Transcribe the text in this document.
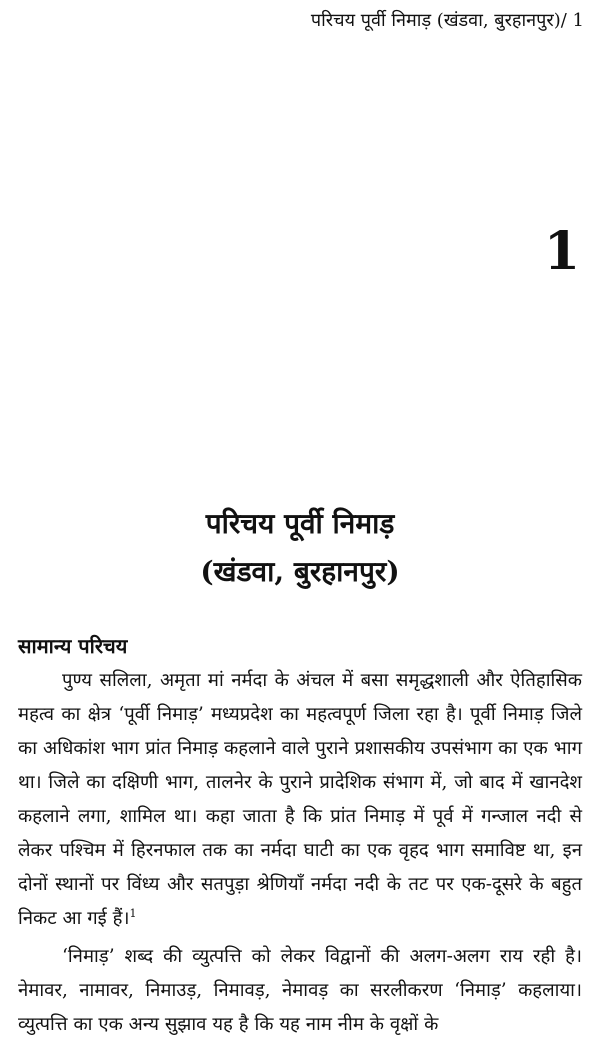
परिचय पूर्वी निमाड़ (खंडवा, बुरहानपुर)/ 1
1
परिचय पूर्वी निमाड़
(खंडवा, बुरहानपुर)
सामान्य परिचय

पुण्य सलिला, अमृता मां नर्मदा के अंचल में बसा समृद्धशाली और ऐतिहासिक महत्व का क्षेत्र ‘पूर्वी निमाड़’ मध्यप्रदेश का महत्वपूर्ण जिला रहा है। पूर्वी निमाड़ जिले का अधिकांश भाग प्रांत निमाड़ कहलाने वाले पुराने प्रशासकीय उपसंभाग का एक भाग था। जिले का दक्षिणी भाग, तालनेर के पुराने प्रादेशिक संभाग में, जो बाद में खानदेश कहलाने लगा, शामिल था। कहा जाता है कि प्रांत निमाड़ में पूर्व में गन्जाल नदी से लेकर पश्चिम में हिरनफाल तक का नर्मदा घाटी का एक वृहद भाग समाविष्ट था, इन दोनों स्थानों पर विंध्य और सतपुड़ा श्रेणियाँ नर्मदा नदी के तट पर एक-दूसरे के बहुत निकट आ गई हैं।$^1$

‘निमाड़’ शब्द की व्युत्पत्ति को लेकर विद्वानों की अलग-अलग राय रही है। नेमावर, नामावर, निमाउड़, निमावड़, नेमावड़ का सरलीकरण ‘निमाड़’ कहलाया। व्युत्पत्ति का एक अन्य सुझाव यह है कि यह नाम नीम के वृक्षों के
